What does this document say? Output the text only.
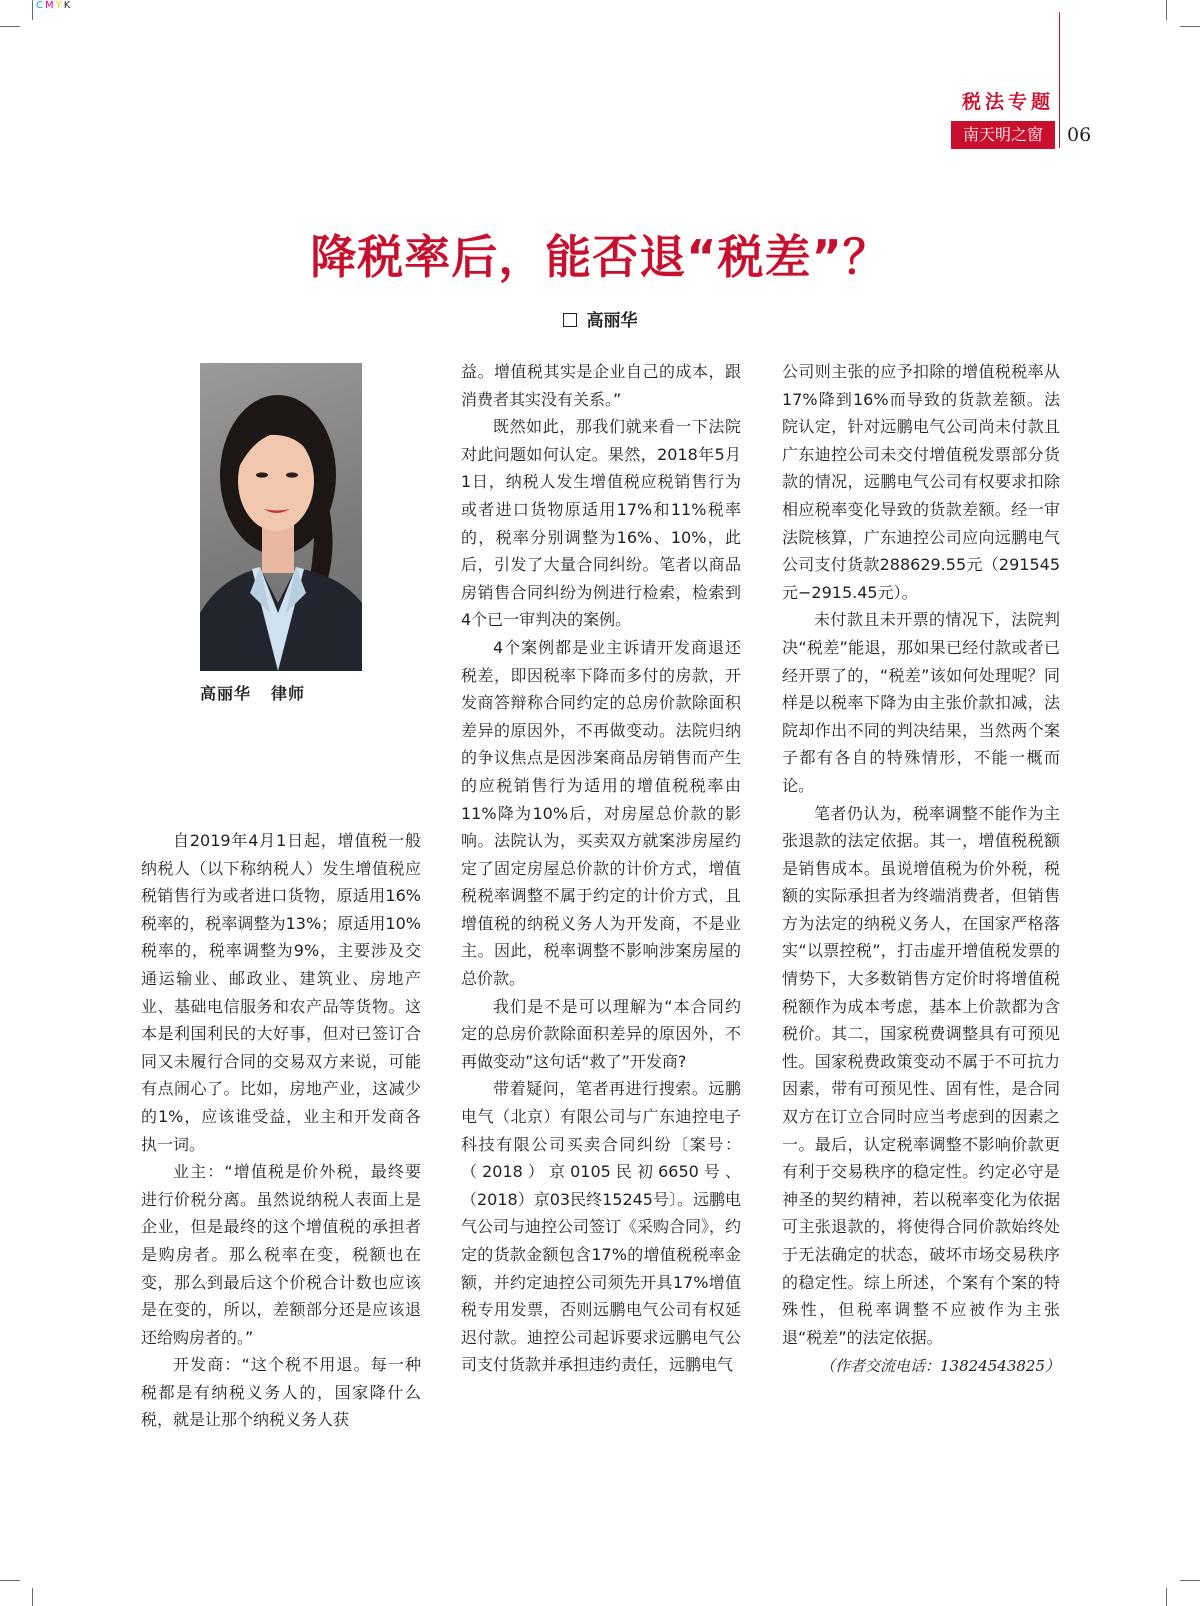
CMYK
税法专题
南天明之窗	06
降税率后，能否退“税差”？
高丽华
高丽华 律师

自2019年4月1日起，增值税一般纳税人（以下称纳税人）发生增值税应税销售行为或者进口货物，原适用16%税率的，税率调整为13%；原适用10%税率的，税率调整为9%，主要涉及交通运输业、邮政业、建筑业、房地产业、基础电信服务和农产品等货物。这本是利国利民的大好事，但对已签订合同又未履行合同的交易双方来说，可能有点闹心了。比如，房地产业，这减少的1%，应该谁受益，业主和开发商各执一词。

业主：“增值税是价外税，最终要进行价税分离。虽然说纳税人表面上是企业，但是最终的这个增值税的承担者是购房者。那么税率在变，税额也在变，那么到最后这个价税合计数也应该是在变的，所以，差额部分还是应该退还给购房者的。”

开发商：“这个税不用退。每一种税都是有纳税义务人的，国家降什么税，就是让那个纳税义务人获

益。增值税其实是企业自己的成本，跟消费者其实没有关系。”

既然如此，那我们就来看一下法院对此问题如何认定。果然，2018年5月1日，纳税人发生增值税应税销售行为或者进口货物原适用17%和11%税率的，税率分别调整为16%、10%，此后，引发了大量合同纠纷。笔者以商品房销售合同纠纷为例进行检索，检索到4个已一审判决的案例。

4个案例都是业主诉请开发商退还税差，即因税率下降而多付的房款，开发商答辩称合同约定的总房价款除面积差异的原因外，不再做变动。法院归纳的争议焦点是因涉案商品房销售而产生的应税销售行为适用的增值税税率由11%降为10%后，对房屋总价款的影响。法院认为，买卖双方就案涉房屋约定了固定房屋总价款的计价方式，增值税税率调整不属于约定的计价方式，且增值税的纳税义务人为开发商，不是业主。因此，税率调整不影响涉案房屋的总价款。

我们是不是可以理解为“本合同约定的总房价款除面积差异的原因外，不再做变动”这句话“救了”开发商?

带着疑问，笔者再进行搜索。远鹏电气（北京）有限公司与广东迪控电子科技有限公司买卖合同纠纷〔案号：（2018）京0105民初6650号、（2018）京03民终15245号〕。远鹏电气公司与迪控公司签订《采购合同》，约定的货款金额包含17%的增值税税率金额，并约定迪控公司须先开具17%增值税专用发票，否则远鹏电气公司有权延迟付款。迪控公司起诉要求远鹏电气公司支付货款并承担违约责任，远鹏电气

公司则主张的应予扣除的增值税税率从17%降到16%而导致的货款差额。法院认定，针对远鹏电气公司尚未付款且广东迪控公司未交付增值税发票部分货款的情况，远鹏电气公司有权要求扣除相应税率变化导致的货款差额。经一审法院核算，广东迪控公司应向远鹏电气公司支付货款288629.55元（291545元−2915.45元）。

未付款且未开票的情况下，法院判决“税差”能退，那如果已经付款或者已经开票了的，“税差”该如何处理呢？同样是以税率下降为由主张价款扣减，法院却作出不同的判决结果，当然两个案子都有各自的特殊情形，不能一概而论。

笔者仍认为，税率调整不能作为主张退款的法定依据。其一，增值税税额是销售成本。虽说增值税为价外税，税额的实际承担者为终端消费者，但销售方为法定的纳税义务人，在国家严格落实“以票控税”，打击虚开增值税发票的情势下，大多数销售方定价时将增值税税额作为成本考虑，基本上价款都为含税价。其二，国家税费调整具有可预见性。国家税费政策变动不属于不可抗力因素，带有可预见性、固有性，是合同双方在订立合同时应当考虑到的因素之一。最后，认定税率调整不影响价款更有利于交易秩序的稳定性。约定必守是神圣的契约精神，若以税率变化为依据可主张退款的，将使得合同价款始终处于无法确定的状态，破坏市场交易秩序的稳定性。综上所述，个案有个案的特殊性，但税率调整不应被作为主张退“税差”的法定依据。

（作者交流电话：13824543825）
